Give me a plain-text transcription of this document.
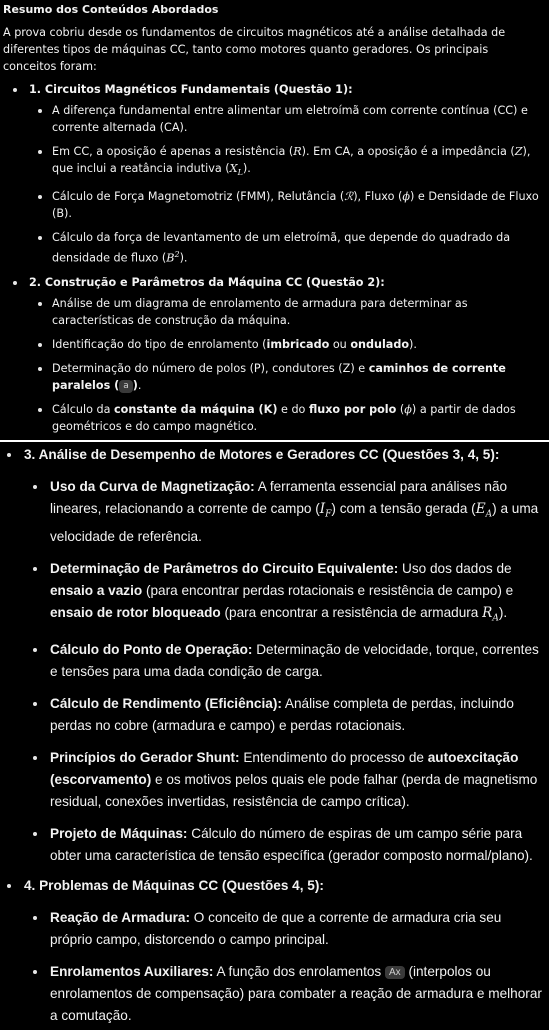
Resumo dos Conteúdos Abordados

A prova cobriu desde os fundamentos de circuitos magnéticos até a análise detalhada de diferentes tipos de máquinas CC, tanto como motores quanto geradores. Os principais conceitos foram:

1. Circuitos Magnéticos Fundamentais (Questão 1):
A diferença fundamental entre alimentar um eletroímã com corrente contínua (CC) e corrente alternada (CA).
Em CC, a oposição é apenas a resistência (R). Em CA, a oposição é a impedância (Z), que inclui a reatância indutiva $(X_L)$.
Cálculo de Força Magnetomotriz (FMM), Relutância (ℛ), Fluxo (ϕ) e Densidade de Fluxo (B).
Cálculo da força de levantamento de um eletroímã, que depende do quadrado da densidade de fluxo $(B^2)$.
2. Construção e Parâmetros da Máquina CC (Questão 2):
Análise de um diagrama de enrolamento de armadura para determinar as características de construção da máquina.
Identificação do tipo de enrolamento (imbricado ou ondulado).
Determinação do número de polos (P), condutores (Z) e caminhos de corrente paralelos ( a ).
Cálculo da constante da máquina (K) e do fluxo por polo (ϕ) a partir de dados geométricos e do campo magnético.
3. Análise de Desempenho de Motores e Geradores CC (Questões 3, 4, 5):
Uso da Curva de Magnetização: A ferramenta essencial para análises não lineares, relacionando a corrente de campo $(I_F)$ com a tensão gerada $(E_A)$ a uma velocidade de referência.
Determinação de Parâmetros do Circuito Equivalente: Uso dos dados de ensaio a vazio (para encontrar perdas rotacionais e resistência de campo) e ensaio de rotor bloqueado (para encontrar a resistência de armadura $R_A$).
Cálculo do Ponto de Operação: Determinação de velocidade, torque, correntes e tensões para uma dada condição de carga.
Cálculo de Rendimento (Eficiência): Análise completa de perdas, incluindo perdas no cobre (armadura e campo) e perdas rotacionais.
Princípios do Gerador Shunt: Entendimento do processo de autoexcitação (escorvamento) e os motivos pelos quais ele pode falhar (perda de magnetismo residual, conexões invertidas, resistência de campo crítica).
Projeto de Máquinas: Cálculo do número de espiras de um campo série para obter uma característica de tensão específica (gerador composto normal/plano).
4. Problemas de Máquinas CC (Questões 4, 5):
Reação de Armadura: O conceito de que a corrente de armadura cria seu próprio campo, distorcendo o campo principal.
Enrolamentos Auxiliares: A função dos enrolamentos Ax (interpolos ou enrolamentos de compensação) para combater a reação de armadura e melhorar a comutação.
